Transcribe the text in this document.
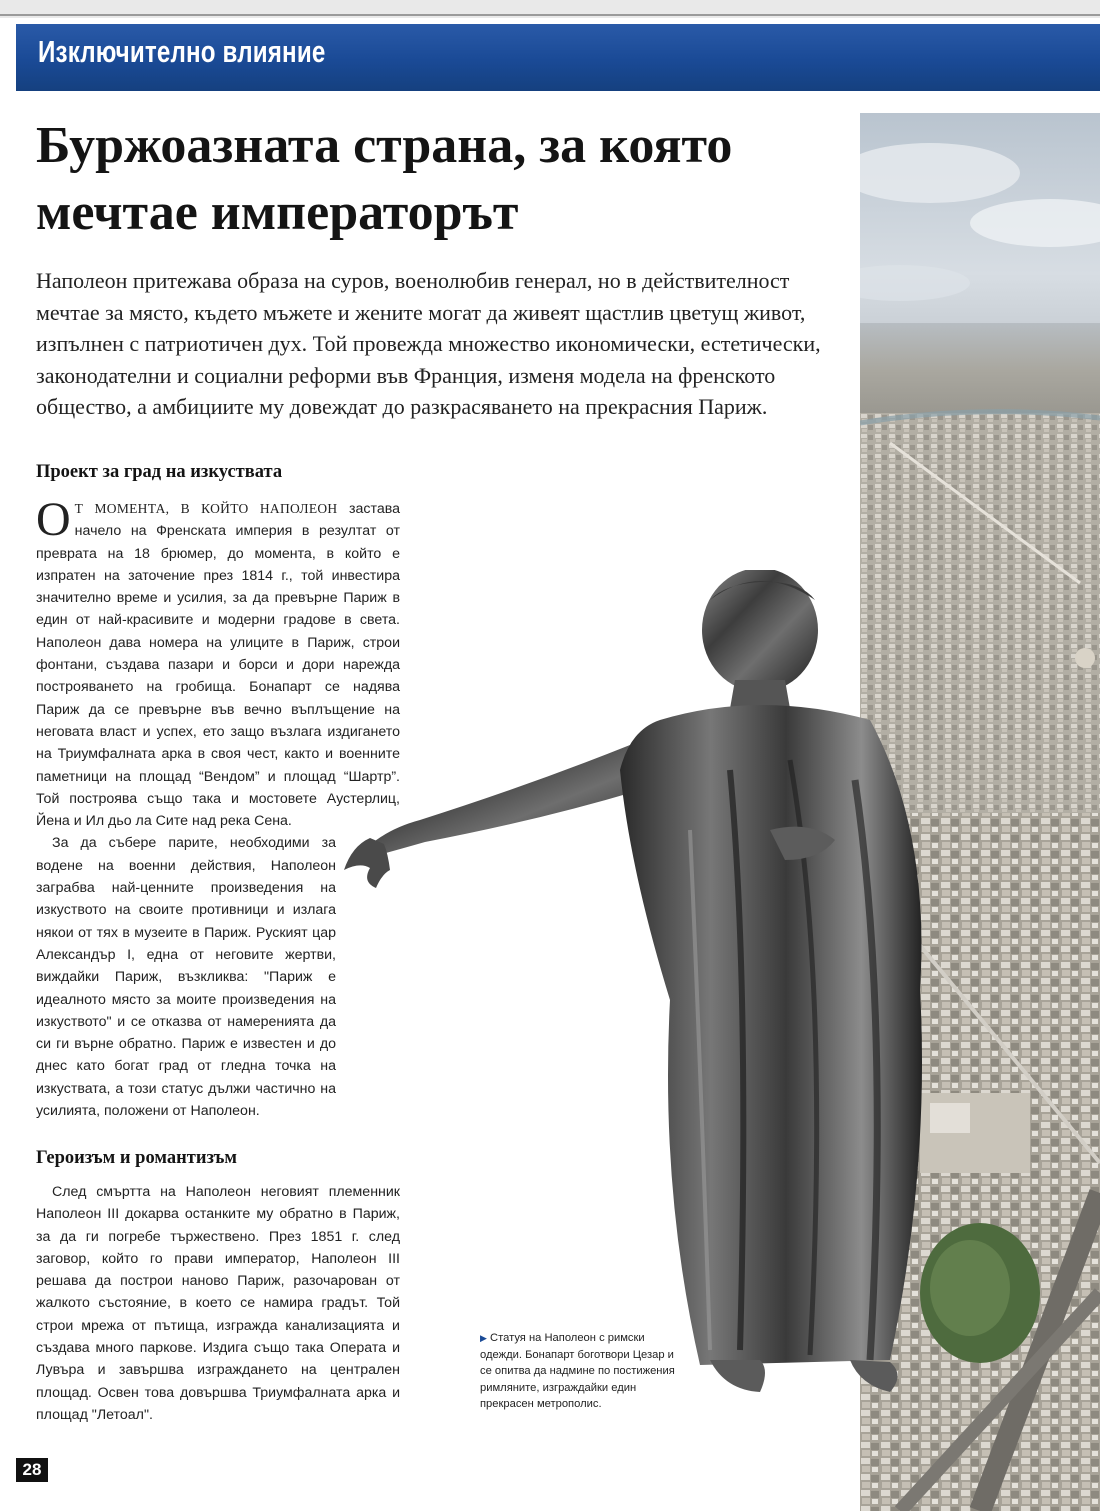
Изключително влияние
Буржоазната страна, за която мечтае императорът

Наполеон притежава образа на суров, военолюбив генерал, но в действителност мечтае за място, където мъжете и жените могат да живеят щастлив цветущ живот, изпълнен с патриотичен дух. Той провежда множество икономически, естетически, законодателни и социални реформи във Франция, изменя модела на френското общество, а амбициите му довеждат до разкрасяването на прекрасния Париж.

Проект за град на изкуствата

ОТ МОМЕНТА, В КОЙТО НАПОЛЕОН застава начело на Френската империя в резултат от превратa на 18 брюмер, до момента, в който е изпратен на заточение през 1814 г., той инвестира значително време и усилия, за да превърне Париж в един от най-красивите и модерни градове в света. Наполеон дава номера на улиците в Париж, строи фонтани, създава пазари и борси и дори нарежда построяването на гробища. Бонапарт се надява Париж да се превърне във вечно въплъщение на неговата власт и успех, ето защо възлага издигането на Триумфалната арка в своя чест, както и военните паметници на площад “Вендом” и площад “Шартр”. Той построява също така и мостовете Аустерлиц, Йена и Ил дьо ла Сите над река Сена.

За да събере парите, необходими за водене на военни действия, Наполеон заграбва най-ценните произведения на изкуството на своите противници и излага някои от тях в музеите в Париж. Руският цар Александър I, една от неговите жертви, виждайки Париж, възкликва: "Париж е идеалното място за моите произведения на изкуството" и се отказва от намеренията да си ги върне обратно. Париж е известен и до днес като богат град от гледна точка на изкуствата, а този статус дължи частично на усилията, положени от Наполеон.

Героизъм и романтизъм

След смъртта на Наполеон неговият племенник Наполеон III докарва останките му обратно в Париж, за да ги погребе тържествено. През 1851 г. след заговор, който го прави император, Наполеон III решава да построи наново Париж, разочарован от жалкото състояние, в което се намира градът. Той строи мрежа от пътища, изгражда канализацията и създава много паркове. Издига също така Операта и Лувъра и завършва изграждането на централен площад. Освен това довършва Триумфалната арка и площад "Летоал".

▶ Статуя на Наполеон с римски одежди. Бонапарт боготвори Цезар и се опитва да надмине по постижения римляните, изграждайки един прекрасен метрополис.
28
